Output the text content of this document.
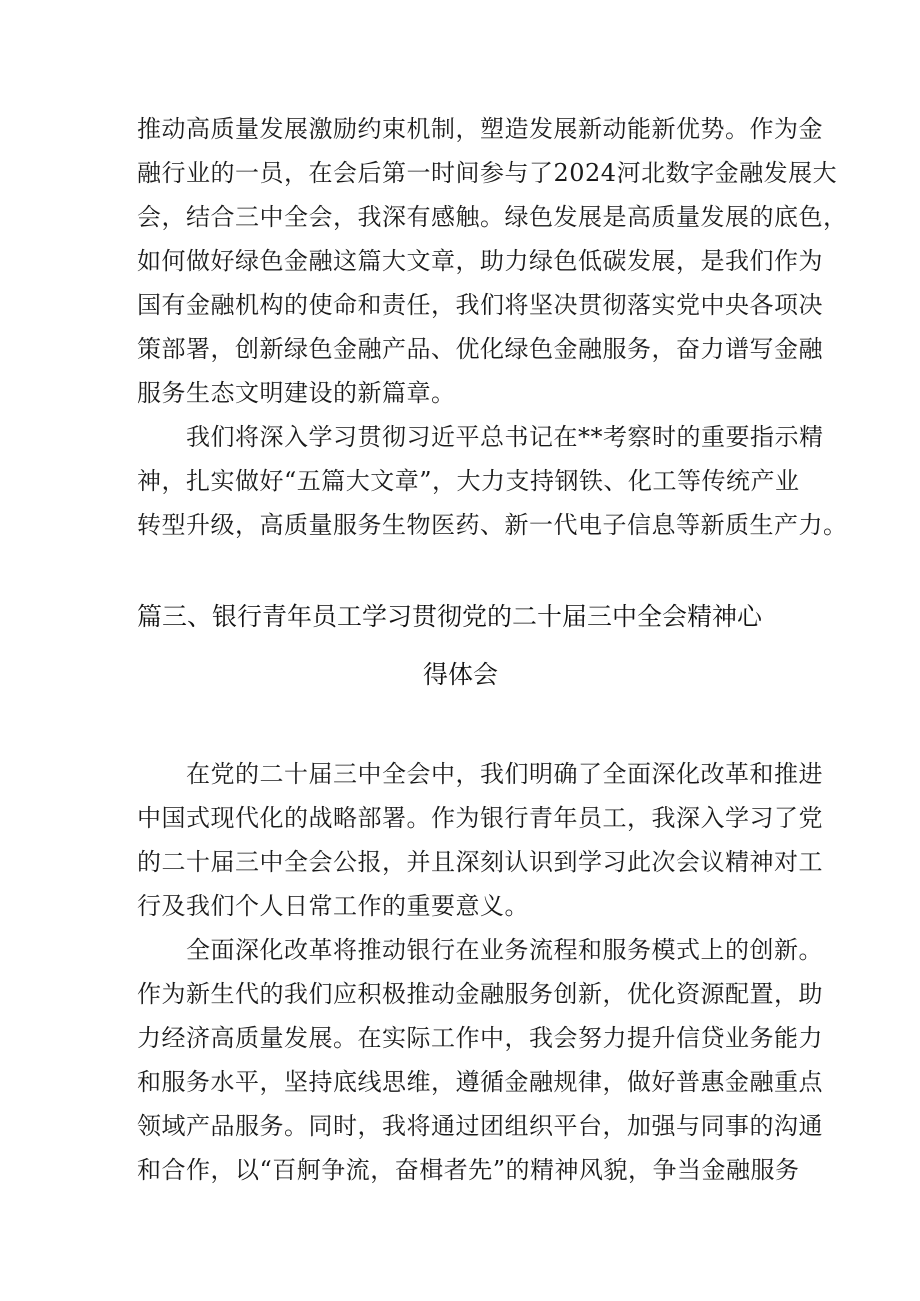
推动高质量发展激励约束机制，塑造发展新动能新优势。作为金
融行业的一员，在会后第一时间参与了2024河北数字金融发展大
会，结合三中全会，我深有感触。绿色发展是高质量发展的底色，
如何做好绿色金融这篇大文章，助力绿色低碳发展，是我们作为
国有金融机构的使命和责任，我们将坚决贯彻落实党中央各项决
策部署，创新绿色金融产品、优化绿色金融服务，奋力谱写金融
服务生态文明建设的新篇章。
　　我们将深入学习贯彻习近平总书记在**考察时的重要指示精
神，扎实做好“五篇大文章”，大力支持钢铁、化工等传统产业
转型升级，高质量服务生物医药、新一代电子信息等新质生产力。
篇三、银行青年员工学习贯彻党的二十届三中全会精神心
得体会
　　在党的二十届三中全会中，我们明确了全面深化改革和推进
中国式现代化的战略部署。作为银行青年员工，我深入学习了党
的二十届三中全会公报，并且深刻认识到学习此次会议精神对工
行及我们个人日常工作的重要意义。
　　全面深化改革将推动银行在业务流程和服务模式上的创新。
作为新生代的我们应积极推动金融服务创新，优化资源配置，助
力经济高质量发展。在实际工作中，我会努力提升信贷业务能力
和服务水平，坚持底线思维，遵循金融规律，做好普惠金融重点
领域产品服务。同时，我将通过团组织平台，加强与同事的沟通
和合作，以“百舸争流，奋楫者先”的精神风貌，争当金融服务
